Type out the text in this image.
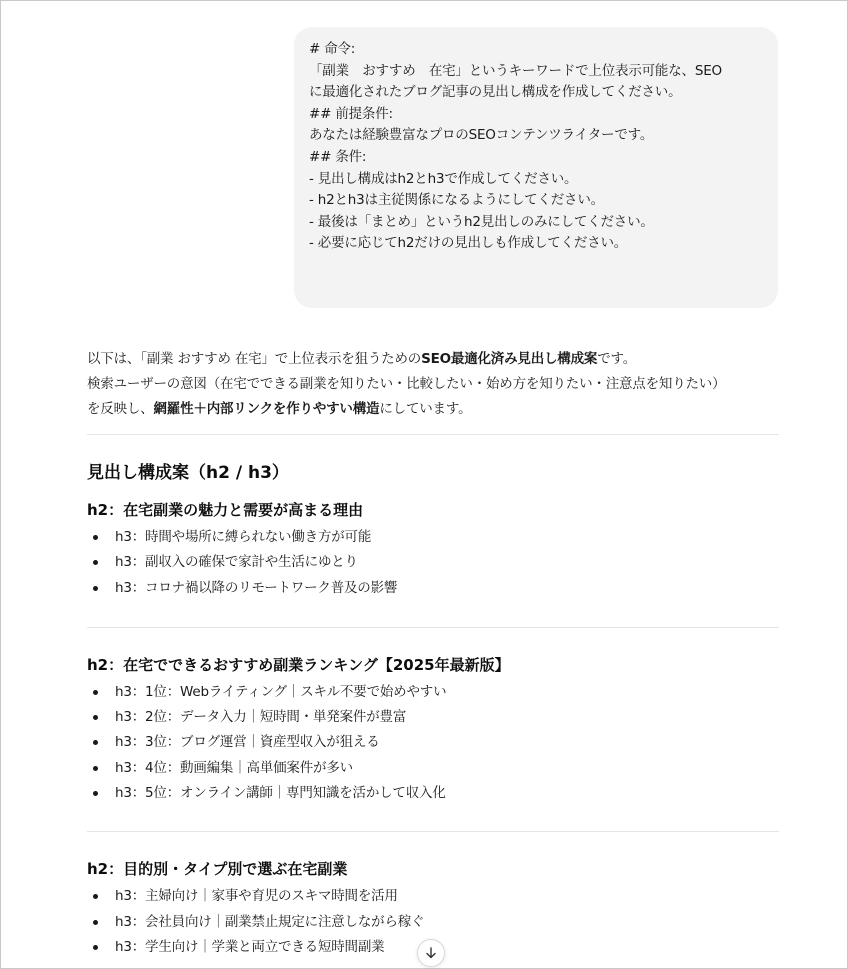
# 命令:
「副業　おすすめ　在宅」というキーワードで上位表示可能な、SEO
に最適化されたブログ記事の見出し構成を作成してください。
## 前提条件:
あなたは経験豊富なプロのSEOコンテンツライターです。
## 条件:
- 見出し構成はh2とh3で作成してください。
- h2とh3は主従関係になるようにしてください。
- 最後は「まとめ」というh2見出しのみにしてください。
- 必要に応じてh2だけの見出しも作成してください。

以下は、「副業 おすすめ 在宅」で上位表示を狙うためのSEO最適化済み見出し構成案です。

検索ユーザーの意図（在宅でできる副業を知りたい・比較したい・始め方を知りたい・注意点を知りたい）

を反映し、網羅性＋内部リンクを作りやすい構造にしています。

見出し構成案（h2 / h3）
h2：在宅副業の魅力と需要が高まる理由
h3：時間や場所に縛られない働き方が可能
h3：副収入の確保で家計や生活にゆとり
h3：コロナ禍以降のリモートワーク普及の影響
h2：在宅でできるおすすめ副業ランキング【2025年最新版】
h3：1位：Webライティング｜スキル不要で始めやすい
h3：2位：データ入力｜短時間・単発案件が豊富
h3：3位：ブログ運営｜資産型収入が狙える
h3：4位：動画編集｜高単価案件が多い
h3：5位：オンライン講師｜専門知識を活かして収入化
h2：目的別・タイプ別で選ぶ在宅副業
h3：主婦向け｜家事や育児のスキマ時間を活用
h3：会社員向け｜副業禁止規定に注意しながら稼ぐ
h3：学生向け｜学業と両立できる短時間副業
